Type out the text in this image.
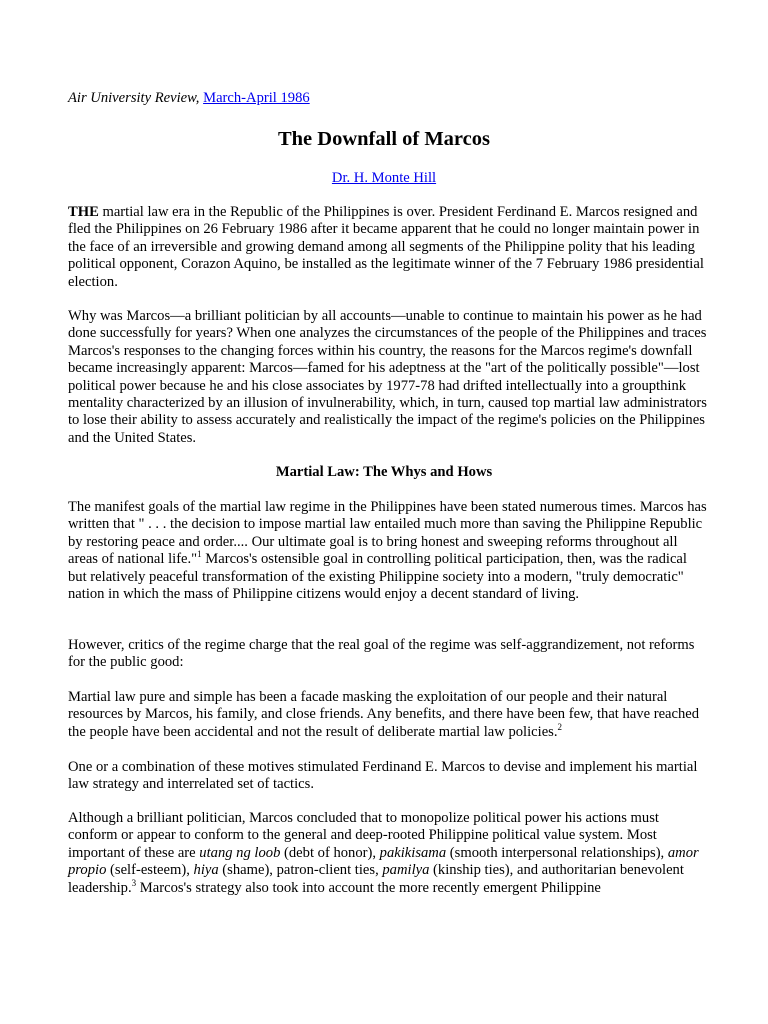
Air University Review, March-April 1986

The Downfall of Marcos
Dr. H. Monte Hill

THE martial law era in the Republic of the Philippines is over. President Ferdinand E. Marcos resigned and fled the Philippines on 26 February 1986 after it became apparent that he could no longer maintain power in the face of an irreversible and growing demand among all segments of the Philippine polity that his leading political opponent, Corazon Aquino, be installed as the legitimate winner of the 7 February 1986 presidential election.

Why was Marcos—a brilliant politician by all accounts—unable to continue to maintain his power as he had done successfully for years? When one analyzes the circumstances of the people of the Philippines and traces Marcos's responses to the changing forces within his country, the reasons for the Marcos regime's downfall became increasingly apparent: Marcos—famed for his adeptness at the "art of the politically possible"—lost political power because he and his close associates by 1977-78 had drifted intellectually into a groupthink mentality characterized by an illusion of invulnerability, which, in turn, caused top martial law administrators to lose their ability to assess accurately and realistically the impact of the regime's policies on the Philippines and the United States.

Martial Law: The Whys and Hows

The manifest goals of the martial law regime in the Philippines have been stated numerous times. Marcos has written that " . . . the decision to impose martial law entailed much more than saving the Philippine Republic by restoring peace and order.... Our ultimate goal is to bring honest and sweeping reforms throughout all areas of national life."$^1$ Marcos's ostensible goal in controlling political participation, then, was the radical but relatively peaceful transformation of the existing Philippine society into a modern, "truly democratic" nation in which the mass of Philippine citizens would enjoy a decent standard of living.

However, critics of the regime charge that the real goal of the regime was self-aggrandizement, not reforms for the public good:

Martial law pure and simple has been a facade masking the exploitation of our people and their natural resources by Marcos, his family, and close friends. Any benefits, and there have been few, that have reached the people have been accidental and not the result of deliberate martial law policies.$^2$

One or a combination of these motives stimulated Ferdinand E. Marcos to devise and implement his martial law strategy and interrelated set of tactics.

Although a brilliant politician, Marcos concluded that to monopolize political power his actions must conform or appear to conform to the general and deep-rooted Philippine political value system. Most important of these are utang ng loob (debt of honor), pakikisama (smooth interpersonal relationships), amor propio (self-esteem), hiya (shame), patron-client ties, pamilya (kinship ties), and authoritarian benevolent leadership.$^3$ Marcos's strategy also took into account the more recently emergent Philippine
